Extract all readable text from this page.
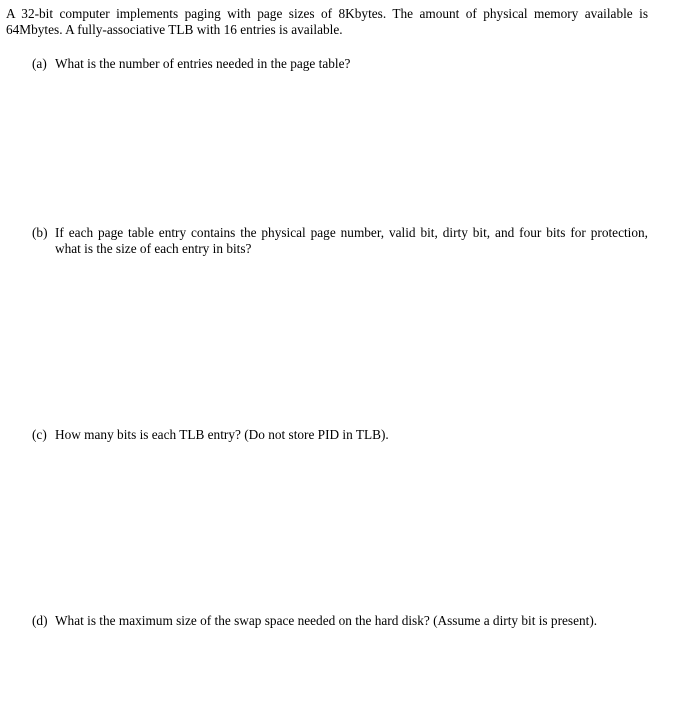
A 32-bit computer implements paging with page sizes of 8Kbytes. The amount of physical memory available is 64Mbytes. A fully-associative TLB with 16 entries is available.
(a) What is the number of entries needed in the page table?
(b) If each page table entry contains the physical page number, valid bit, dirty bit, and four bits for protection, what is the size of each entry in bits?
(c) How many bits is each TLB entry? (Do not store PID in TLB).
(d) What is the maximum size of the swap space needed on the hard disk? (Assume a dirty bit is present).
